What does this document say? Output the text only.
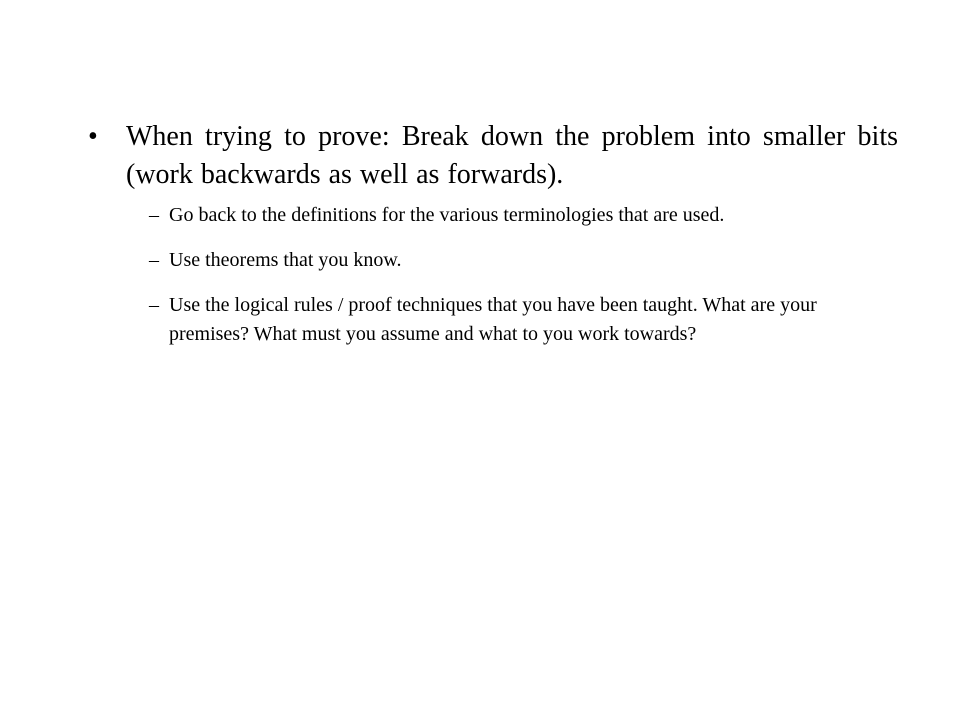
• When trying to prove: Break down the problem into smaller bits (work backwards as well as forwards).
– Go back to the definitions for the various terminologies that are used.
– Use theorems that you know.
– Use the logical rules / proof techniques that you have been taught. What are your premises? What must you assume and what to you work towards?
